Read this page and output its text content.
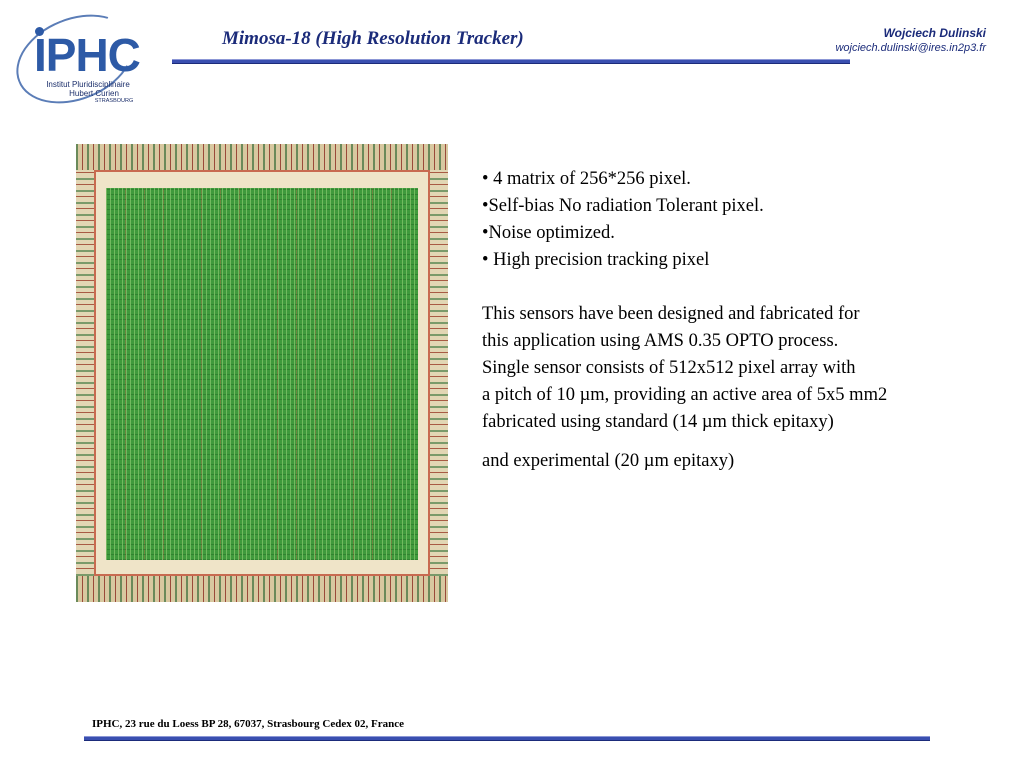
IPHC
Institut Pluridisciplinaire
Hubert Curien
STRASBOURG
Mimosa-18 (High Resolution Tracker)	Wojciech Dulinski
wojciech.dulinski@ires.in2p3.fr
• 4 matrix of 256*256 pixel.
•Self-bias No radiation Tolerant pixel.
•Noise optimized.
• High precision tracking pixel

This sensors have been designed and fabricated for
this application using AMS 0.35 OPTO process.
Single sensor consists of 512x512 pixel array with
a pitch of 10 µm, providing an active area of 5x5 mm2
fabricated using standard (14 µm thick epitaxy)

and experimental (20 µm epitaxy)

IPHC, 23 rue du Loess BP 28, 67037, Strasbourg Cedex 02, France
